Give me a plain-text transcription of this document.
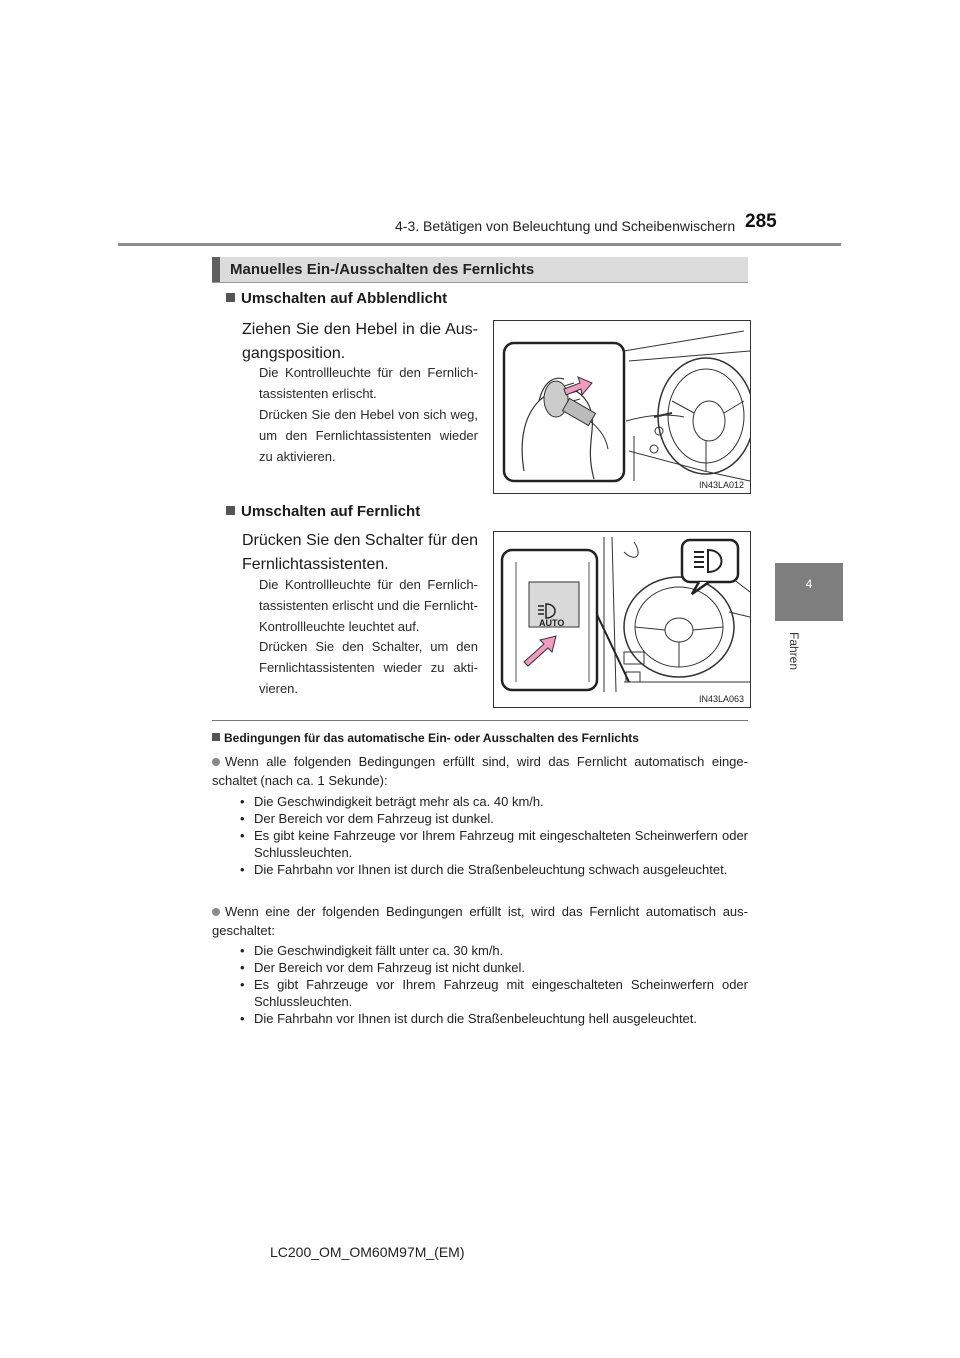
4-3. Betätigen von Beleuchtung und Scheibenwischern 285
4
Fahren
Manuelles Ein-/Ausschalten des Fernlichts
Umschalten auf Abblendlicht
Ziehen Sie den Hebel in die Ausgangsposition.
Die Kontrollleuchte für den Fernlichtassistenten erlischt.
Drücken Sie den Hebel von sich weg, um den Fernlichtassistenten wieder zu aktivieren.
IN43LA012
Umschalten auf Fernlicht
Drücken Sie den Schalter für den Fernlichtassistenten.
Die Kontrollleuchte für den Fernlichtassistenten erlischt und die Fernlicht-Kontrollleuchte leuchtet auf.
Drücken Sie den Schalter, um den Fernlichtassistenten wieder zu aktivieren.
AUTO
IN43LA063
Bedingungen für das automatische Ein- oder Ausschalten des Fernlichts
Wenn alle folgenden Bedingungen erfüllt sind, wird das Fernlicht automatisch eingeschaltet (nach ca. 1 Sekunde):
• Die Geschwindigkeit beträgt mehr als ca. 40 km/h.
• Der Bereich vor dem Fahrzeug ist dunkel.
• Es gibt keine Fahrzeuge vor Ihrem Fahrzeug mit eingeschalteten Scheinwerfern oder Schlussleuchten.
• Die Fahrbahn vor Ihnen ist durch die Straßenbeleuchtung schwach ausgeleuchtet.
Wenn eine der folgenden Bedingungen erfüllt ist, wird das Fernlicht automatisch ausgeschaltet:
• Die Geschwindigkeit fällt unter ca. 30 km/h.
• Der Bereich vor dem Fahrzeug ist nicht dunkel.
• Es gibt Fahrzeuge vor Ihrem Fahrzeug mit eingeschalteten Scheinwerfern oder Schlussleuchten.
• Die Fahrbahn vor Ihnen ist durch die Straßenbeleuchtung hell ausgeleuchtet.
LC200_OM_OM60M97M_(EM)
